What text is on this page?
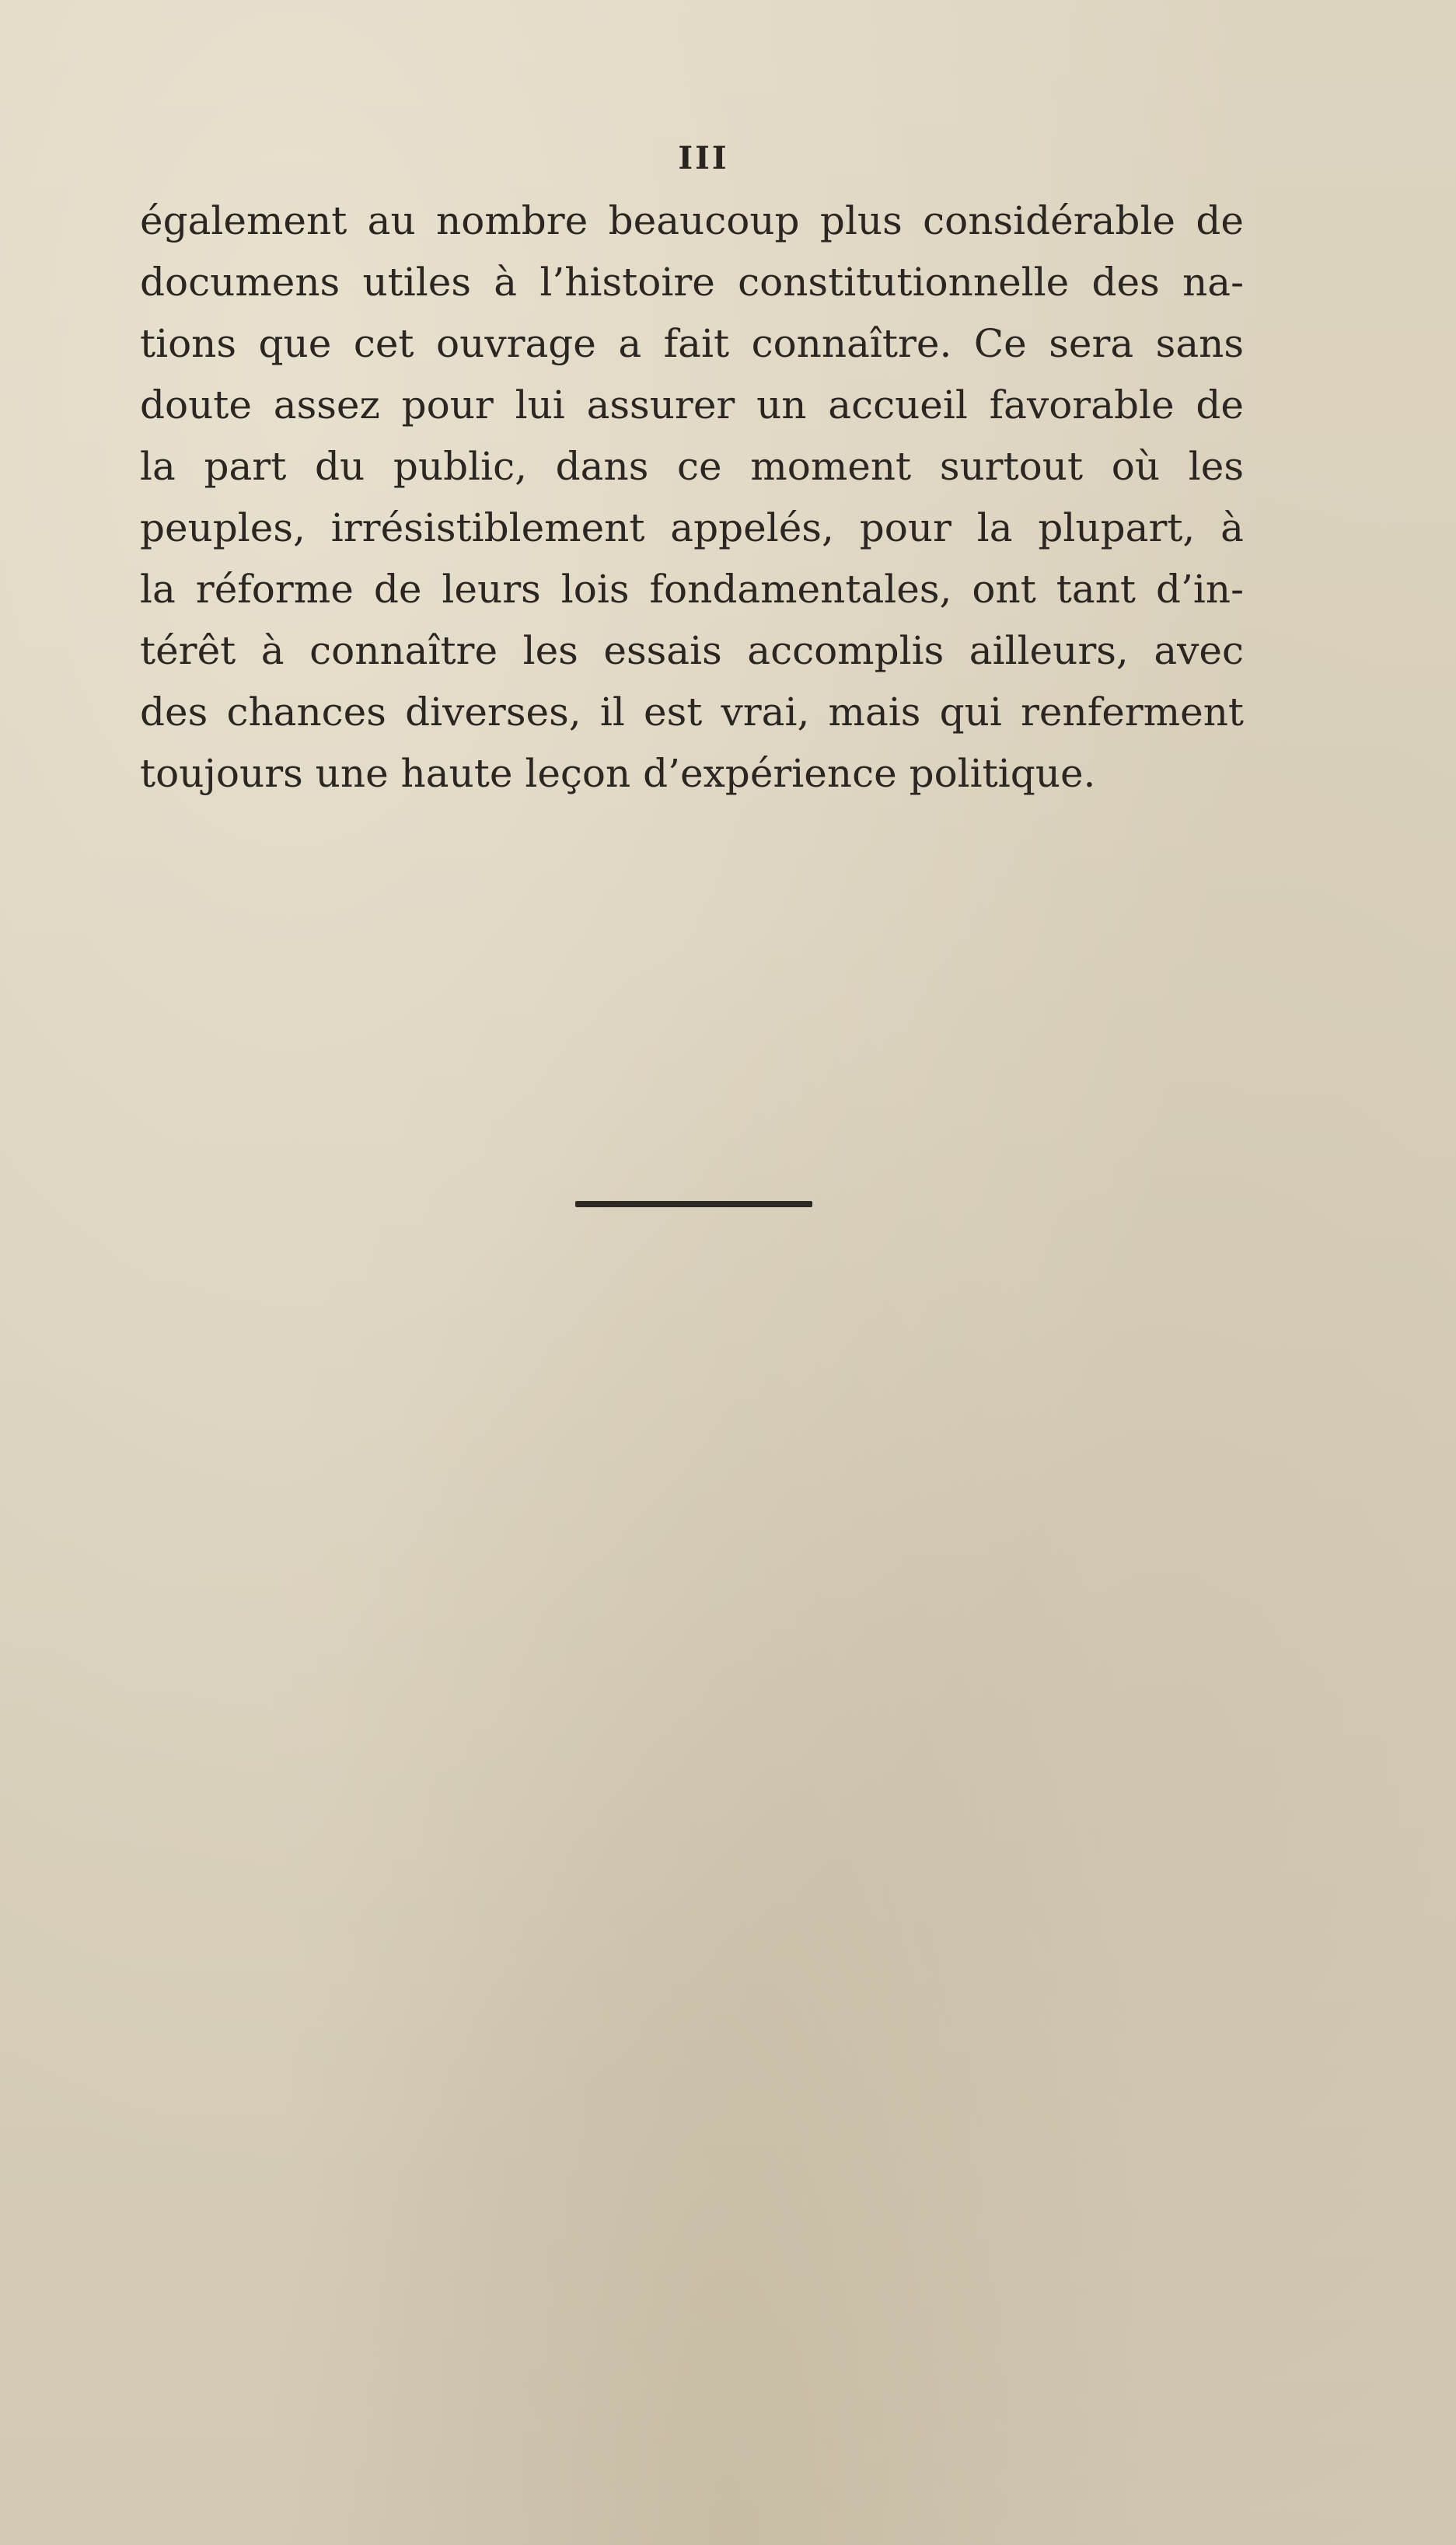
III
également au nombre beaucoup plus considérable de
documens utiles à l’histoire constitutionnelle des na-
tions que cet ouvrage a fait connaître. Ce sera sans
doute assez pour lui assurer un accueil favorable de
la part du public, dans ce moment surtout où les
peuples, irrésistiblement appelés, pour la plupart, à
la réforme de leurs lois fondamentales, ont tant d’in-
térêt à connaître les essais accomplis ailleurs, avec
des chances diverses, il est vrai, mais qui renferment
toujours une haute leçon d’expérience politique.
